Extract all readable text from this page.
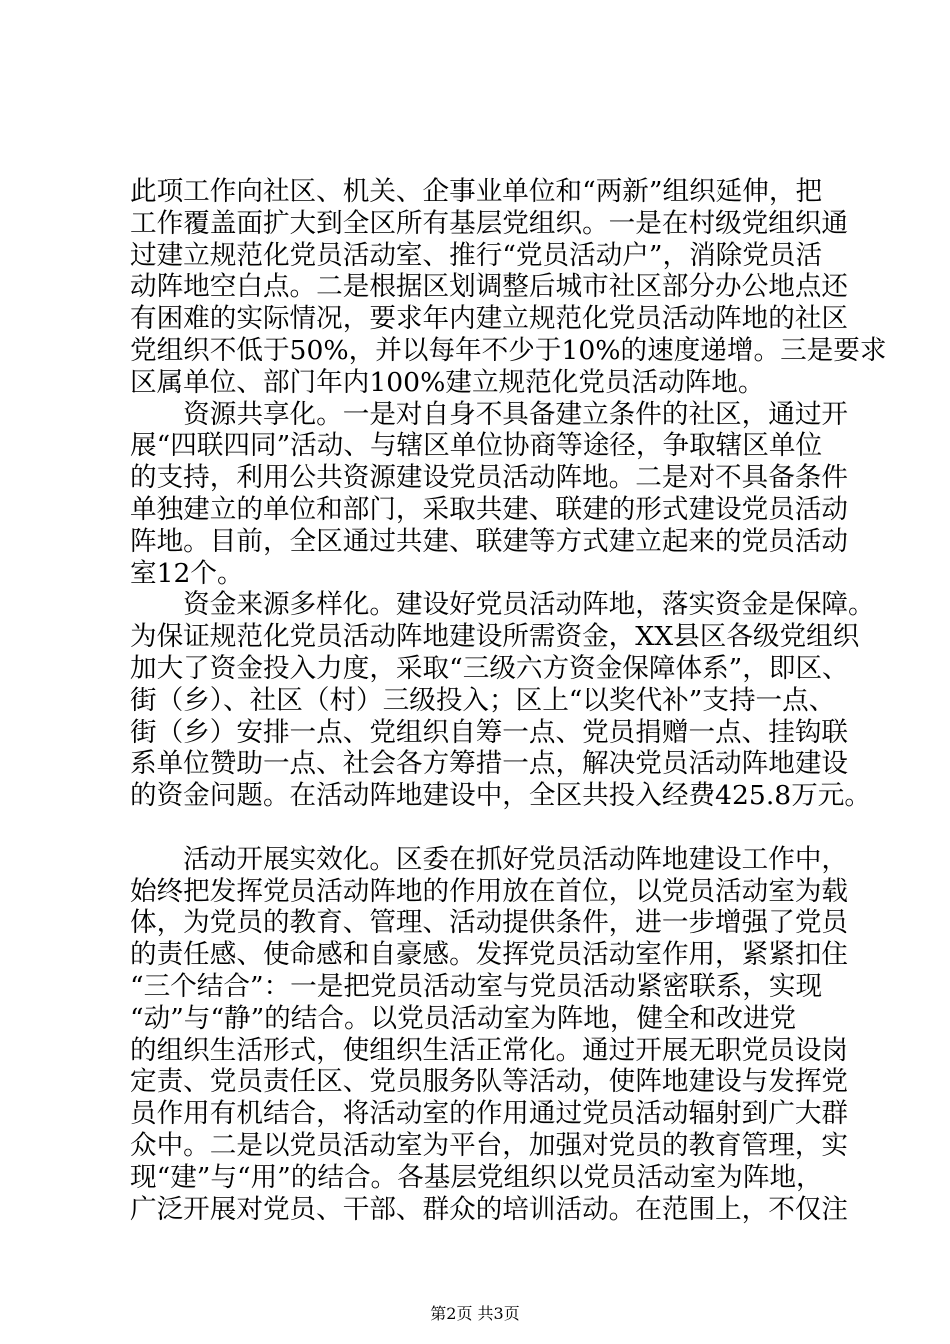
此项工作向社区、机关、企事业单位和“两新”组织延伸，把
工作覆盖面扩大到全区所有基层党组织。一是在村级党组织通
过建立规范化党员活动室、推行“党员活动户”，消除党员活
动阵地空白点。二是根据区划调整后城市社区部分办公地点还
有困难的实际情况，要求年内建立规范化党员活动阵地的社区
党组织不低于50%，并以每年不少于10%的速度递增。三是要求
区属单位、部门年内100%建立规范化党员活动阵地。
　　资源共享化。一是对自身不具备建立条件的社区，通过开
展“四联四同”活动、与辖区单位协商等途径，争取辖区单位
的支持，利用公共资源建设党员活动阵地。二是对不具备条件
单独建立的单位和部门，采取共建、联建的形式建设党员活动
阵地。目前，全区通过共建、联建等方式建立起来的党员活动
室12个。
　　资金来源多样化。建设好党员活动阵地，落实资金是保障。
为保证规范化党员活动阵地建设所需资金，XX县区各级党组织
加大了资金投入力度，采取“三级六方资金保障体系”，即区、
街（乡）、社区（村）三级投入；区上“以奖代补”支持一点、
街（乡）安排一点、党组织自筹一点、党员捐赠一点、挂钩联
系单位赞助一点、社会各方筹措一点，解决党员活动阵地建设
的资金问题。在活动阵地建设中，全区共投入经费425.8万元。
　　活动开展实效化。区委在抓好党员活动阵地建设工作中，
始终把发挥党员活动阵地的作用放在首位，以党员活动室为载
体，为党员的教育、管理、活动提供条件，进一步增强了党员
的责任感、使命感和自豪感。发挥党员活动室作用，紧紧扣住
“三个结合”：一是把党员活动室与党员活动紧密联系，实现
“动”与“静”的结合。以党员活动室为阵地，健全和改进党
的组织生活形式，使组织生活正常化。通过开展无职党员设岗
定责、党员责任区、党员服务队等活动，使阵地建设与发挥党
员作用有机结合，将活动室的作用通过党员活动辐射到广大群
众中。二是以党员活动室为平台，加强对党员的教育管理，实
现“建”与“用”的结合。各基层党组织以党员活动室为阵地，
广泛开展对党员、干部、群众的培训活动。在范围上，不仅注
第2页 共3页
